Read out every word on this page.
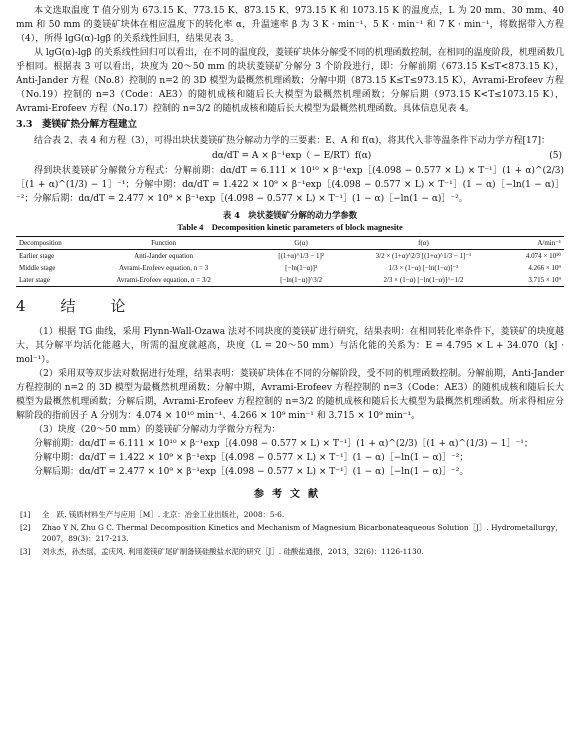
本文选取温度 T 值分别为 673.15 K、773.15 K、873.15 K、973.15 K 和 1073.15 K 的温度点，L 为 20 mm、30 mm、40 mm 和 50 mm 的菱镁矿块体在相应温度下的转化率 α，升温速率 β 为 3 K · min⁻¹、5 K · min⁻¹ 和 7 K · min⁻¹，将数据带入方程（4），所得 lgG(α)-lgβ 的关系线性回归，结果见表 3。

从 lgG(α)-lgβ 的关系线性回归可以看出，在不同的温度段，菱镁矿块体分解受不同的机理函数控制，在相同的温度阶段，机理函数几乎相同。根据表 3 可以看出，块度为 20～50 mm 的块状菱镁矿分解分 3 个阶段进行，即：分解前期（673.15 K≤T<873.15 K），Anti-Jander 方程（No.8）控制的 n=2 的 3D 模型为最概然机理函数；分解中期（873.15 K≤T≤973.15 K），Avrami-Erofeev 方程（No.19）控制的 n=3（Code：AE3）的随机成核和随后长大模型为最概然机理函数；分解后期（973.15 K<T≤1073.15 K），Avrami-Erofeev 方程（No.17）控制的 n=3/2 的随机成核和随后长大模型为最概然机理函数。具体信息见表 4。

3.3　菱镁矿热分解方程建立

结合表 2、表 4 和方程（3），可得出块状菱镁矿热分解动力学的三要素：E、A 和 f(α)，将其代入非等温条件下动力学方程[17]：

dα/dT = A × β⁻¹exp（ − E/RT）f(α)	(5)

得到块状菱镁矿分解微分方程式：分解前期：dα/dT = 6.111 × 10¹⁰ × β⁻¹exp［(4.098 − 0.577 × L) × T⁻¹］(1 + α)^(2/3)［(1 + α)^(1/3) − 1］⁻¹；分解中期：dα/dT = 1.422 × 10⁹ × β⁻¹exp［(4.098 − 0.577 × L) × T⁻¹］(1 − α)［−ln(1 − α)］⁻²；分解后期：dα/dT = 2.477 × 10⁹ × β⁻¹exp［(4.098 − 0.577 × L) × T⁻¹］(1 − α)［−ln(1 − α)］⁻²。

表 4　块状菱镁矿分解的动力学参数
Table 4　Decomposition kinetic parameters of block magnesite
Decomposition	Function	G(α)	f(α)	A/min⁻¹
Earlier stage	Anti-Jander equation	[(1+α)^1/3 − 1]²	3/2 × (1+α)^2/3 [(1+α)^1/3 − 1]⁻¹	4.074 × 10¹⁰
Middle stage	Avrami-Erofeev equation, n = 3	[−ln(1−α)]³	1/3 × (1−α) [−ln(1−α)]⁻²	4.266 × 10⁹
Later stage	Avrami-Erofeev equation, n = 3/2	[−ln(1−α)]^3/2	2/3 × (1−α) [−ln(1−α)]^−1/2	3.715 × 10⁹
4　结　论

（1）根据 TG 曲线，采用 Flynn-Wall-Ozawa 法对不同块度的菱镁矿进行研究，结果表明：在相同转化率条件下，菱镁矿的块度越大，其分解平均活化能越大，所需的温度就越高，块度（L = 20～50 mm）与活化能的关系为：E = 4.795 × L + 34.070（kJ · mol⁻¹）。

（2）采用双等双步法对数据进行处理，结果表明：菱镁矿块体在不同的分解阶段，受不同的机理函数控制。分解前期，Anti-Jander 方程控制的 n=2 的 3D 模型为最概然机理函数；分解中期，Avrami-Erofeev 方程控制的 n=3（Code：AE3）的随机成核和随后长大模型为最概然机理函数；分解后期，Avrami-Erofeev 方程控制的 n=3/2 的随机成核和随后长大模型为最概然机理函数。所求得相应分解阶段的指前因子 A 分别为：4.074 × 10¹⁰ min⁻¹、4.266 × 10⁹ min⁻¹ 和 3.715 × 10⁹ min⁻¹。

（3）块度（20～50 mm）的菱镁矿分解动力学微分方程为：

分解前期：dα/dT = 6.111 × 10¹⁰ × β⁻¹exp［(4.098 − 0.577 × L) × T⁻¹］(1 + α)^(2/3)［(1 + α)^(1/3) − 1］⁻¹；

分解中期：dα/dT = 1.422 × 10⁹ × β⁻¹exp［(4.098 − 0.577 × L) × T⁻¹］(1 − α)［−ln(1 − α)］⁻²；

分解后期：dα/dT = 2.477 × 10⁹ × β⁻¹exp［(4.098 − 0.577 × L) × T⁻¹］(1 − α)［−ln(1 − α)］⁻²。

参考文献
[1]	全　跃. 镁质材料生产与应用［M］. 北京：冶金工业出版社，2008：5-6.
[2]	Zhao Y N, Zhu G C. Thermal Decomposition Kinetics and Mechanism of Magnesium Bicarbonateaqueous Solution［J］. Hydrometallurgy，2007，89(3)：217-213.
[3]	刘永杰，孙杰瑶，孟庆风. 利用菱镁矿尾矿制备镁硅酸盐水泥的研究［J］. 硅酸盐通报，2013，32(6)：1126-1130.
